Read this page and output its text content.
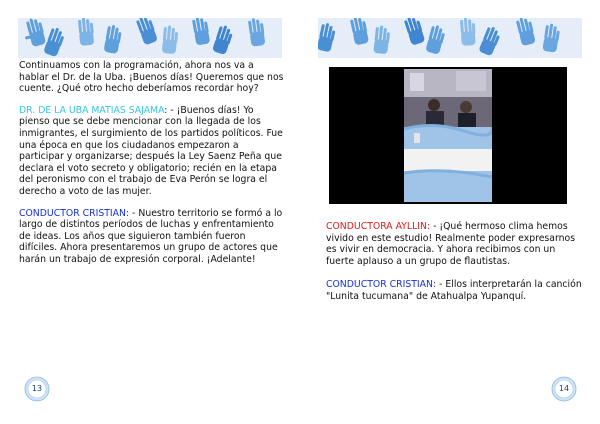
Continuamos con la programación, ahora nos va a hablar el Dr. de la Uba. ¡Buenos días! Queremos que nos cuente. ¿Qué otro hecho deberíamos recordar hoy?

DR. DE LA UBA MATIAS SAJAMA: - ¡Buenos días! Yo pienso que se debe mencionar con la llegada de los inmigrantes, el surgimiento de los partidos políticos. Fue una época en que los ciudadanos empezaron a participar y organizarse; después la Ley Saenz Peña que declara el voto secreto y obligatorio; recién en la etapa del peronismo con el trabajo de Eva Perón se logra el derecho a voto de las mujer.

CONDUCTOR CRISTIAN: - Nuestro territorio se formó a lo largo de distintos períodos de luchas y enfrentamiento de ideas. Los años que siguieron también fueron difíciles. Ahora presentaremos un grupo de actores que harán un trabajo de expresión corporal. ¡Adelante!

13

CONDUCTORA AYLLIN: - ¡Qué hermoso clima hemos vivido en este estudio! Realmente poder expresarnos es vivir en democracia. Y ahora recibimos con un fuerte aplauso a un grupo de flautistas.

CONDUCTOR CRISTIAN: - Ellos interpretarán la canción "Lunita tucumana" de Atahualpa Yupanquí.

14
